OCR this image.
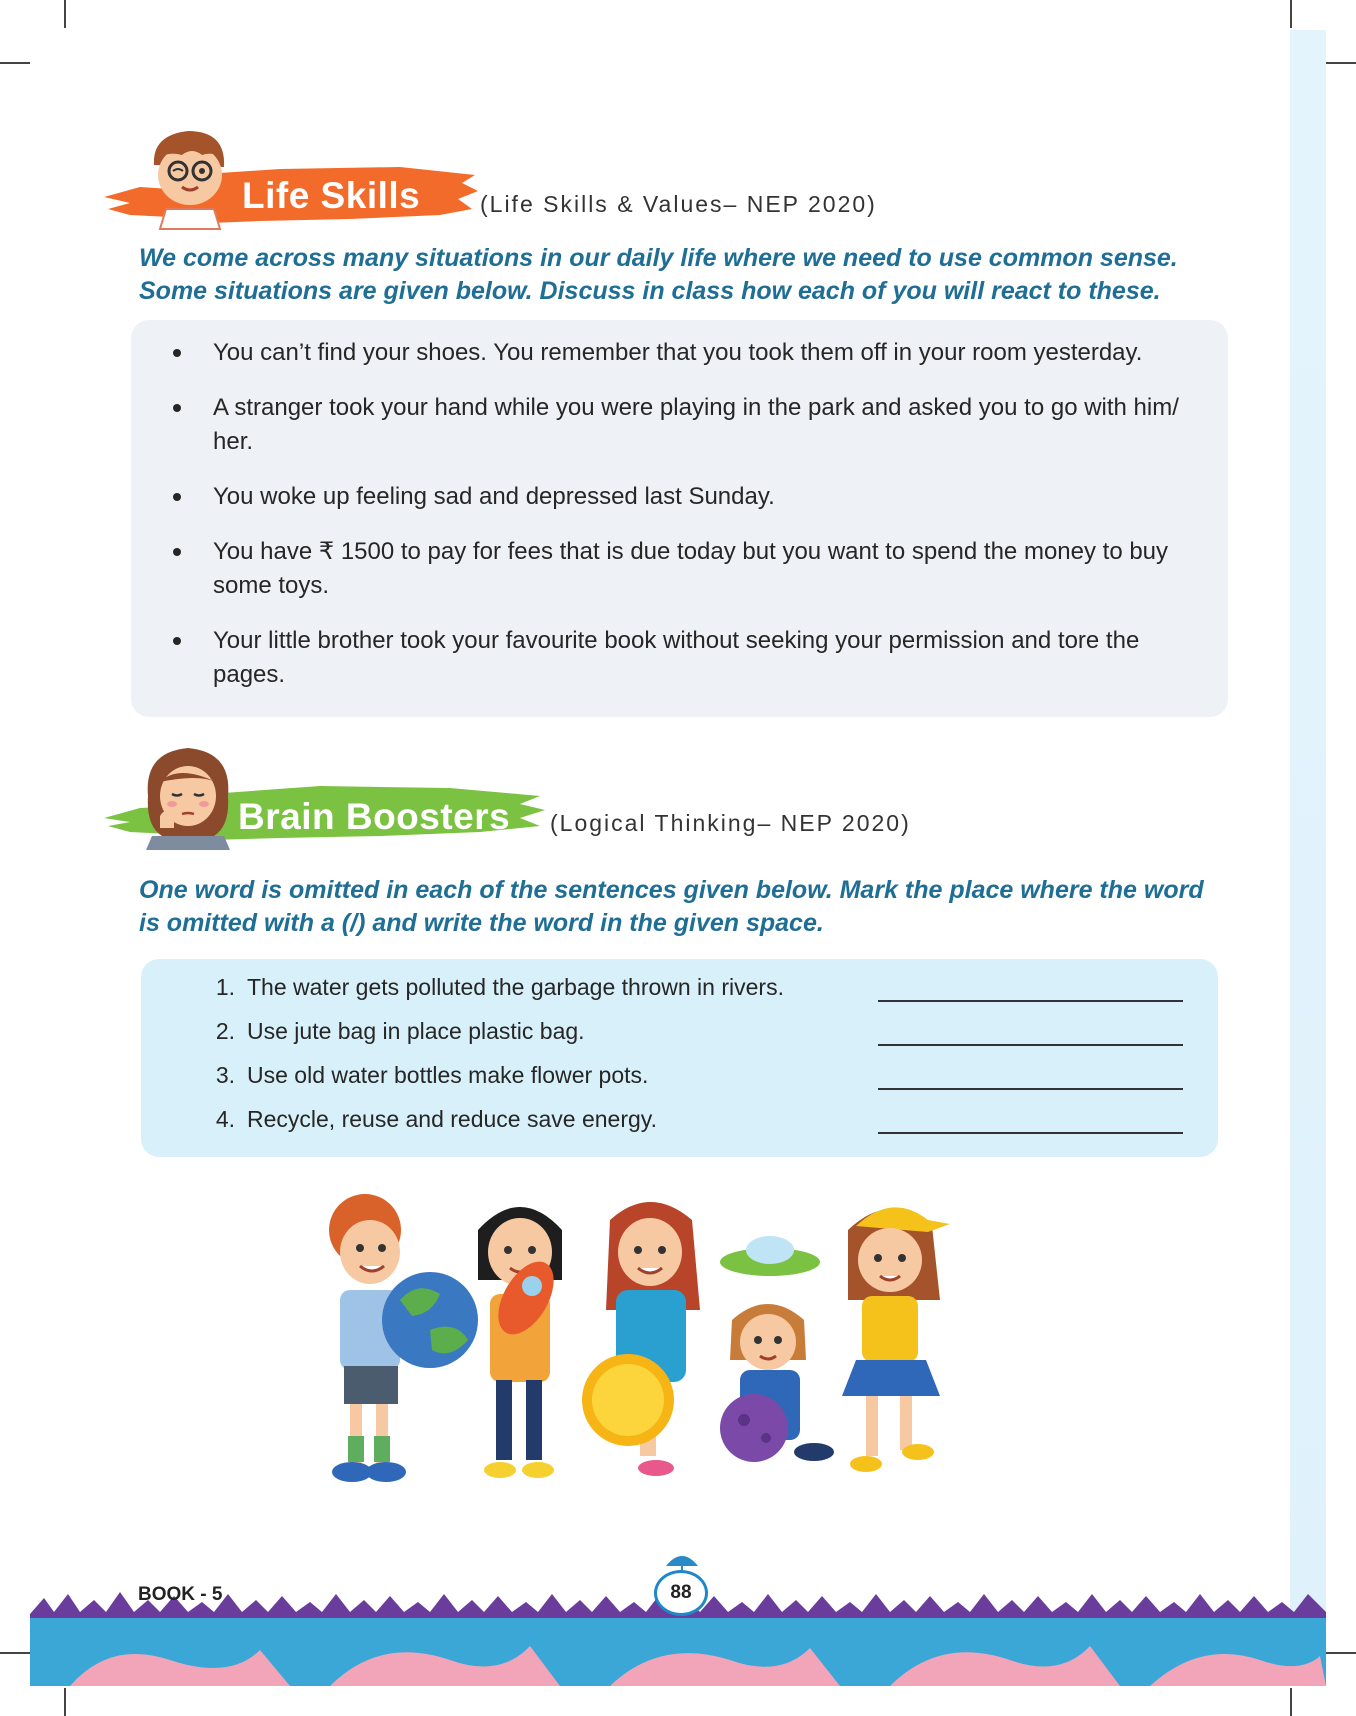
Life Skills	(Life Skills & Values– NEP 2020)
We come across many situations in our daily life where we need to use common sense. Some situations are given below. Discuss in class how each of you will react to these.
You can’t find your shoes. You remember that you took them off in your room yesterday.
A stranger took your hand while you were playing in the park and asked you to go with him/ her.
You woke up feeling sad and depressed last Sunday.
You have ₹ 1500 to pay for fees that is due today but you want to spend the money to buy some toys.
Your little brother took your favourite book without seeking your permission and tore the pages.
Brain Boosters (Logical Thinking– NEP 2020)
One word is omitted in each of the sentences given below. Mark the place where the word is omitted with a (/) and write the word in the given space.
1. The water gets polluted the garbage thrown in rivers.
2. Use jute bag in place plastic bag.
3. Use old water bottles make flower pots.
4. Recycle, reuse and reduce save energy.
BOOK - 5	88
